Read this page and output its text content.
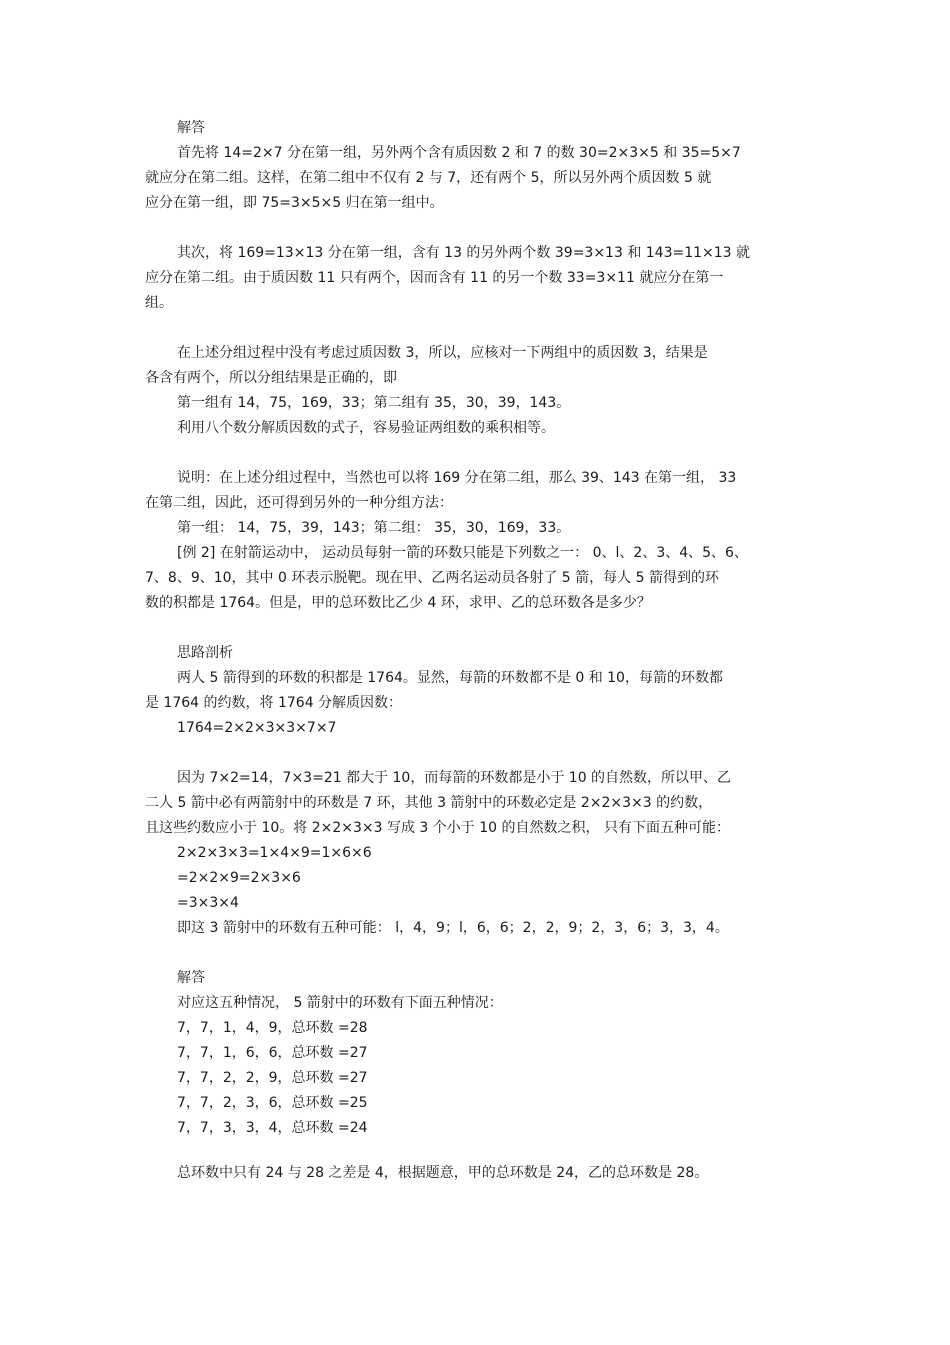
解答
首先将 14=2×7 分在第一组，另外两个含有质因数 2 和 7 的数 30=2×3×5 和 35=5×7
就应分在第二组。这样，在第二组中不仅有 2 与 7，还有两个 5，所以另外两个质因数 5 就
应分在第一组，即 75=3×5×5 归在第一组中。
其次，将 169=13×13 分在第一组，含有 13 的另外两个数 39=3×13 和 143=11×13 就
应分在第二组。由于质因数 11 只有两个，因而含有 11 的另一个数 33=3×11 就应分在第一
组。
在上述分组过程中没有考虑过质因数 3，所以，应核对一下两组中的质因数 3，结果是
各含有两个，所以分组结果是正确的，即
第一组有 14，75，169，33；第二组有 35，30，39，143。
利用八个数分解质因数的式子，容易验证两组数的乘积相等。
说明：在上述分组过程中，当然也可以将 169 分在第二组，那么 39、143 在第一组， 33
在第二组，因此，还可得到另外的一种分组方法：
第一组： 14，75，39，143；第二组： 35，30，169，33。
[例 2] 在射箭运动中， 运动员每射一箭的环数只能是下列数之一： 0、l、2、3、4、5、6、
7、8、9、10，其中 0 环表示脱靶。现在甲、乙两名运动员各射了 5 箭，每人 5 箭得到的环
数的积都是 1764。但是，甲的总环数比乙少 4 环，求甲、乙的总环数各是多少？
思路剖析
两人 5 箭得到的环数的积都是 1764。显然，每箭的环数都不是 0 和 10，每箭的环数都
是 1764 的约数，将 1764 分解质因数：
1764=2×2×3×3×7×7
因为 7×2=14，7×3=21 都大于 10，而每箭的环数都是小于 10 的自然数，所以甲、乙
二人 5 箭中必有两箭射中的环数是 7 环，其他 3 箭射中的环数必定是 2×2×3×3 的约数，
且这些约数应小于 10。将 2×2×3×3 写成 3 个小于 10 的自然数之积， 只有下面五种可能：
2×2×3×3=1×4×9=1×6×6
=2×2×9=2×3×6
=3×3×4
即这 3 箭射中的环数有五种可能： l，4，9；l，6，6；2，2，9；2，3，6；3，3，4。
解答
对应这五种情况， 5 箭射中的环数有下面五种情况：
7，7，1，4，9，总环数 =28
7，7，1，6，6，总环数 =27
7，7，2，2，9，总环数 =27
7，7，2，3，6，总环数 =25
7，7，3，3，4，总环数 =24
总环数中只有 24 与 28 之差是 4，根据题意，甲的总环数是 24，乙的总环数是 28。
